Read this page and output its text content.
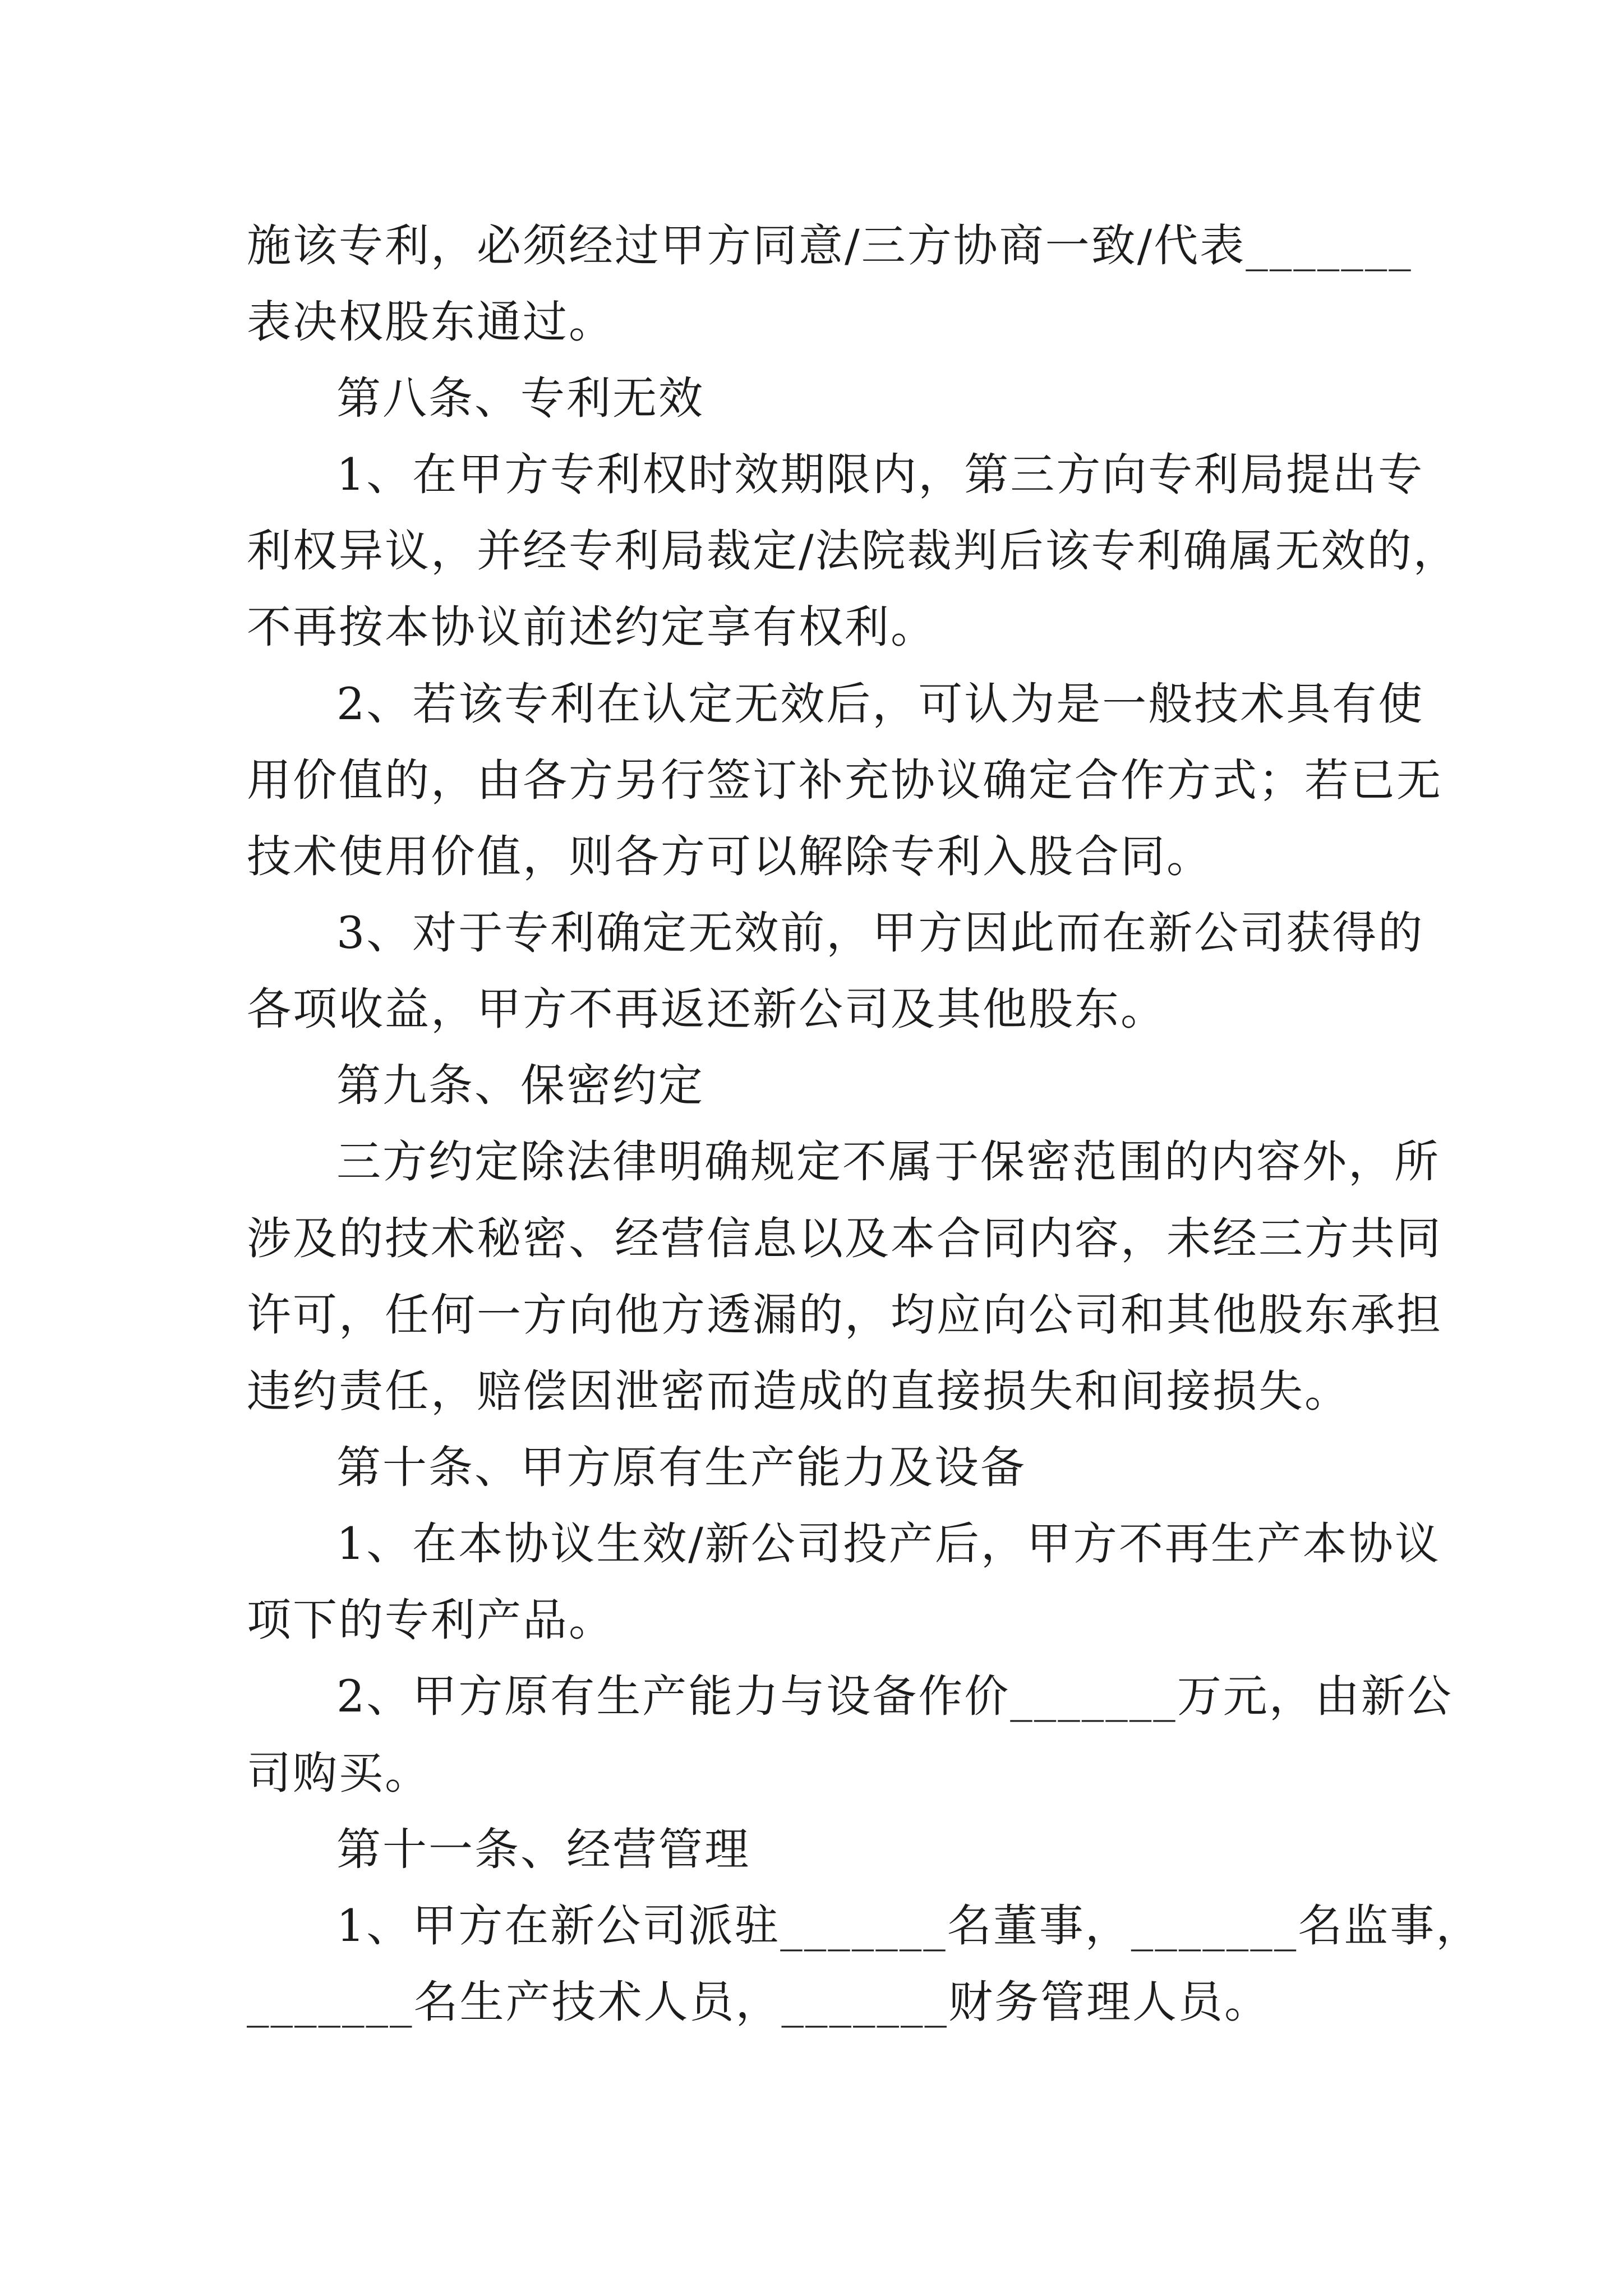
施该专利，必须经过甲方同意/三方协商一致/代表_______
表决权股东通过。
第八条、专利无效
1、在甲方专利权时效期限内，第三方向专利局提出专
利权异议，并经专利局裁定/法院裁判后该专利确属无效的，
不再按本协议前述约定享有权利。
2、若该专利在认定无效后，可认为是一般技术具有使
用价值的，由各方另行签订补充协议确定合作方式；若已无
技术使用价值，则各方可以解除专利入股合同。
3、对于专利确定无效前，甲方因此而在新公司获得的
各项收益，甲方不再返还新公司及其他股东。
第九条、保密约定
三方约定除法律明确规定不属于保密范围的内容外，所
涉及的技术秘密、经营信息以及本合同内容，未经三方共同
许可，任何一方向他方透漏的，均应向公司和其他股东承担
违约责任，赔偿因泄密而造成的直接损失和间接损失。
第十条、甲方原有生产能力及设备
1、在本协议生效/新公司投产后，甲方不再生产本协议
项下的专利产品。
2、甲方原有生产能力与设备作价_______万元，由新公
司购买。
第十一条、经营管理
1、甲方在新公司派驻_______名董事，_______名监事，
_______名生产技术人员，_______财务管理人员。
